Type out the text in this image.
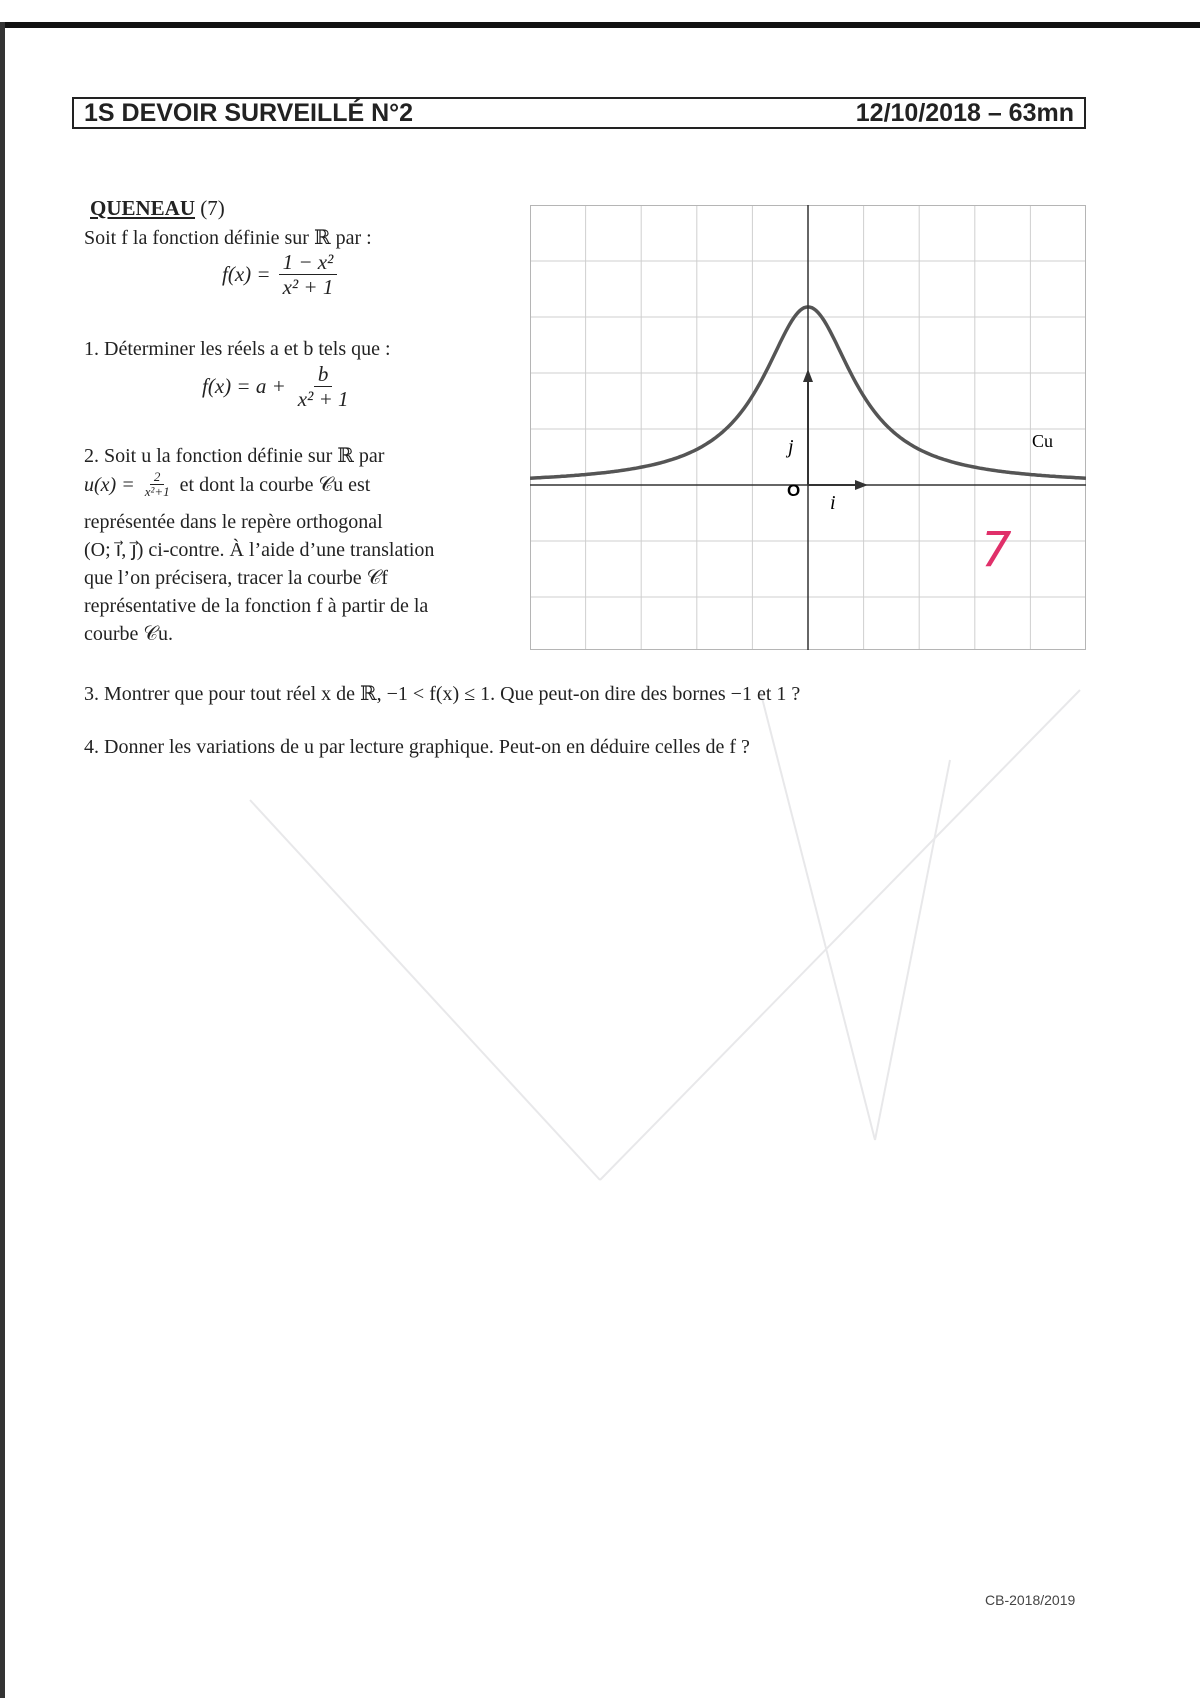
1S DEVOIR SURVEILLÉ N°2	12/10/2018 – 63mn
QUENEAU (7)
Soit f la fonction définie sur ℝ par :
$f(x) = \frac{\text{1 − x²}}{\text{x² + 1}}$
1. Déterminer les réels a et b tels que :
$f(x) = a + \frac{b}{\text{x² + 1}}$
2. Soit u la fonction définie sur ℝ par
$u(x) = \frac{2}{\text{x²+1}}$ et dont la courbe 𝒞u est
représentée dans le repère orthogonal
(O; i⃗, j⃗) ci-contre. À l’aide d’une translation
que l’on précisera, tracer la courbe 𝒞f
représentative de la fonction f à partir de la
courbe 𝒞u.
O
i⃗
j⃗	Cu
7
3. Montrer que pour tout réel x de ℝ, −1 < f(x) ≤ 1. Que peut-on dire des bornes −1 et 1 ?
4. Donner les variations de u par lecture graphique. Peut-on en déduire celles de f ?
CB-2018/2019
